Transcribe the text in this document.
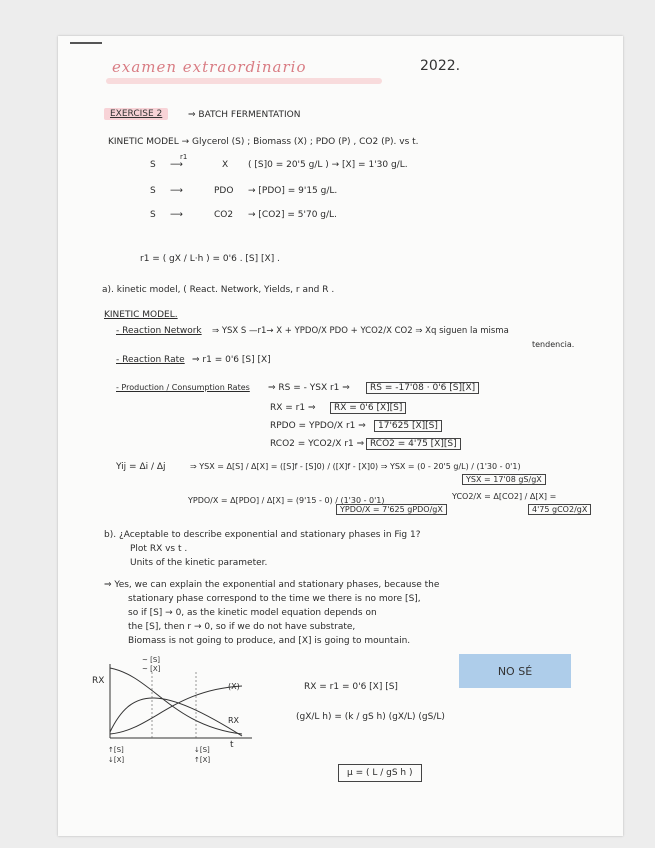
examen extraordinario	2022.
EXERCISE 2	⇒ BATCH FERMENTATION
KINETIC MODEL → Glycerol (S) ; Biomass (X) ; PDO (P) , CO2 (P). vs t.
S
r1
⟶	X ( [S]0 = 20'5 g/L ) → [X] = 1'30 g/L.
S ⟶	PDO → [PDO] = 9'15 g/L.
S ⟶	CO2 → [CO2] = 5'70 g/L.
r1 = ( gX / L·h ) = 0'6 . [S] [X] .
a). kinetic model, ( React. Network, Yields, r and R .
KINETIC MODEL.
- Reaction Network ⇒ YSX S —r1→ X + YPDO/X PDO + YCO2/X CO2 ⇒ Xq siguen la misma
tendencia.
- Reaction Rate ⇒ r1 = 0'6 [S] [X]
- Production / Consumption Rates ⇒ RS = - YSX r1 ⇒	RS = -17'08 · 0'6 [S][X]
RX = r1 ⇒	RX = 0'6 [X][S]
RPDO = YPDO/X r1 ⇒	17'625 [X][S]
RCO2 = YCO2/X r1 ⇒ RCO2 = 4'75 [X][S]
Yij = Δi / Δj	⇒ YSX = Δ[S] / Δ[X] = ([S]f - [S]0) / ([X]f - [X]0) ⇒ YSX = (0 - 20'5 g/L) / (1'30 - 0'1)
YSX = 17'08 gS/gX
YPDO/X = Δ[PDO] / Δ[X] = (9'15 - 0) / (1'30 - 0'1)
YPDO/X = 7'625 gPDO/gX
YCO2/X = Δ[CO2] / Δ[X] =
4'75 gCO2/gX
b). ¿Aceptable to describe exponential and stationary phases in Fig 1?
Plot RX vs t .
Units of the kinetic parameter.
⇒ Yes, we can explain the exponential and stationary phases, because the
stationary phase correspond to the time we there is no more [S],
so if [S] → 0, as the kinetic model equation depends on
the [S], then r → 0, so if we do not have substrate,
Biomass is not going to produce, and [X] is going to mountain.
NO SÉ
RX
~ [S]
~ [X]
(X)
RX
t
↑[S]
↓[X]
↓[S]
↑[X]
RX = r1 = 0'6 [X] [S]
(gX/L h) = (k / gS h) (gX/L) (gS/L)
μ = ( L / gS h )
